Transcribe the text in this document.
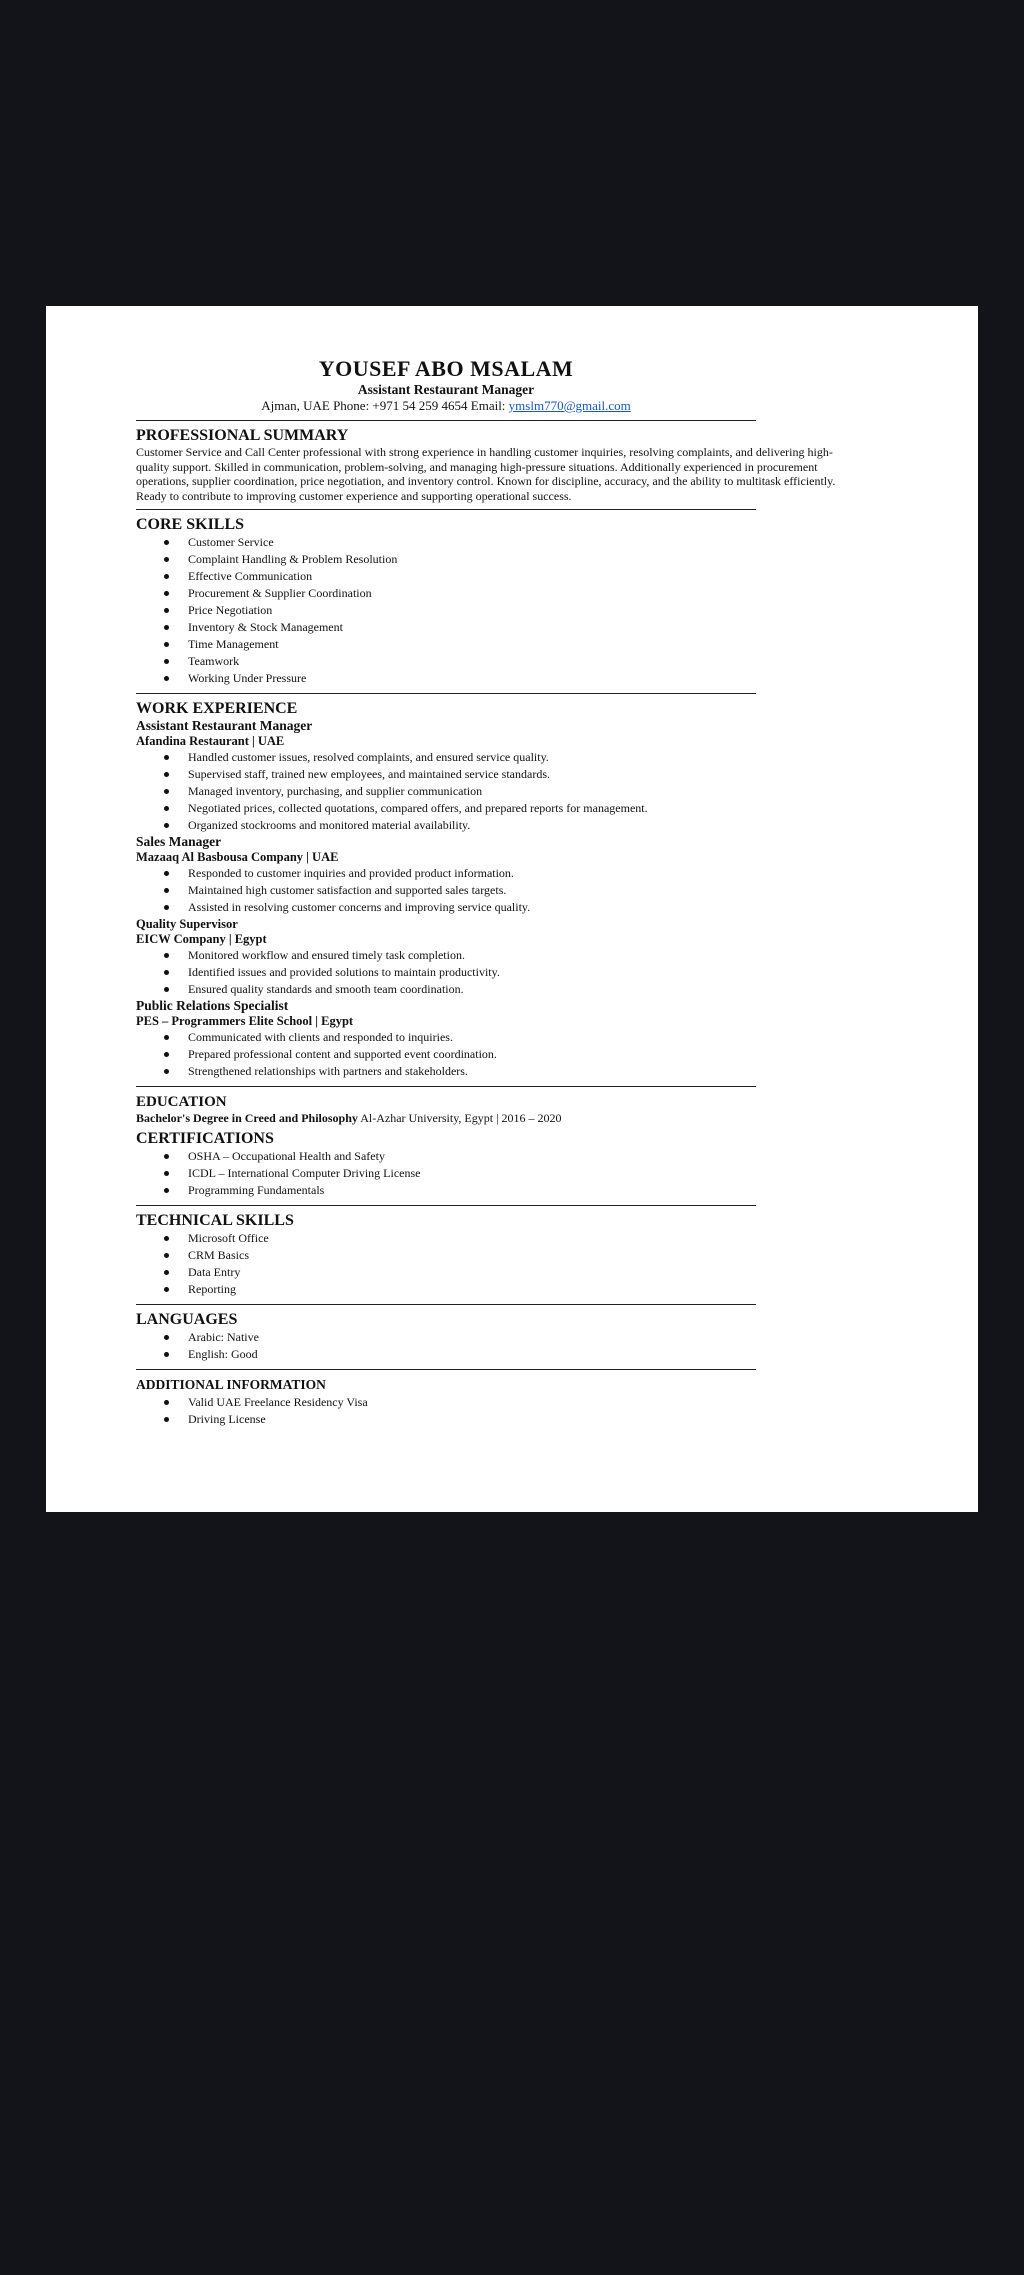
YOUSEF ABO MSALAM
Assistant Restaurant Manager
Ajman, UAE Phone: +971 54 259 4654 Email: ymslm770@gmail.com
PROFESSIONAL SUMMARY
Customer Service and Call Center professional with strong experience in handling customer inquiries, resolving complaints, and delivering high-quality support. Skilled in communication, problem-solving, and managing high-pressure situations. Additionally experienced in procurement operations, supplier coordination, price negotiation, and inventory control. Known for discipline, accuracy, and the ability to multitask efficiently. Ready to contribute to improving customer experience and supporting operational success.
CORE SKILLS
Customer Service
Complaint Handling & Problem Resolution
Effective Communication
Procurement & Supplier Coordination
Price Negotiation
Inventory & Stock Management
Time Management
Teamwork
Working Under Pressure
WORK EXPERIENCE
Assistant Restaurant Manager
Afandina Restaurant | UAE
Handled customer issues, resolved complaints, and ensured service quality.
Supervised staff, trained new employees, and maintained service standards.
Managed inventory, purchasing, and supplier communication
Negotiated prices, collected quotations, compared offers, and prepared reports for management.
Organized stockrooms and monitored material availability.
Sales Manager
Mazaaq Al Basbousa Company | UAE
Responded to customer inquiries and provided product information.
Maintained high customer satisfaction and supported sales targets.
Assisted in resolving customer concerns and improving service quality.
Quality Supervisor
EICW Company | Egypt
Monitored workflow and ensured timely task completion.
Identified issues and provided solutions to maintain productivity.
Ensured quality standards and smooth team coordination.
Public Relations Specialist
PES – Programmers Elite School | Egypt
Communicated with clients and responded to inquiries.
Prepared professional content and supported event coordination.
Strengthened relationships with partners and stakeholders.
EDUCATION
Bachelor's Degree in Creed and Philosophy Al-Azhar University, Egypt | 2016 – 2020
CERTIFICATIONS
OSHA – Occupational Health and Safety
ICDL – International Computer Driving License
Programming Fundamentals
TECHNICAL SKILLS
Microsoft Office
CRM Basics
Data Entry
Reporting
LANGUAGES
Arabic: Native
English: Good
ADDITIONAL INFORMATION
Valid UAE Freelance Residency Visa
Driving License
